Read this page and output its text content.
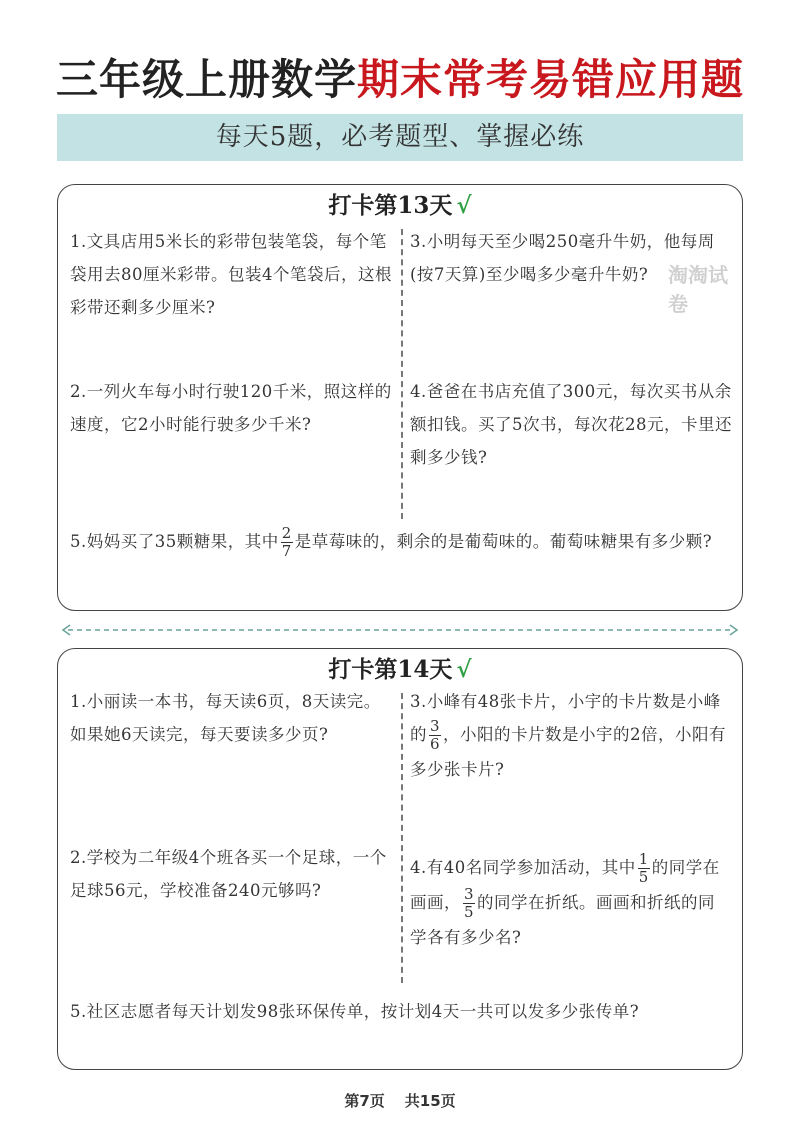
三年级上册数学期末常考易错应用题
每天5题，必考题型、掌握必练
打卡第13天 √
1.文具店用5米长的彩带包装笔袋，每个笔袋用去80厘米彩带。包装4个笔袋后，这根彩带还剩多少厘米?
3.小明每天至少喝250毫升牛奶，他每周(按7天算)至少喝多少毫升牛奶?
2.一列火车每小时行驶120千米，照这样的速度，它2小时能行驶多少千米?
4.爸爸在书店充值了300元，每次买书从余额扣钱。买了5次书，每次花28元，卡里还剩多少钱?
5.妈妈买了35颗糖果，其中 $\frac{2}{7}$ 是草莓味的，剩余的是葡萄味的。葡萄味糖果有多少颗?
淘淘试卷
打卡第14天 √
1.小丽读一本书，每天读6页，8天读完。如果她6天读完，每天要读多少页?
3.小峰有48张卡片，小宇的卡片数是小峰的 $\frac{3}{6}$ ，小阳的卡片数是小宇的2倍，小阳有多少张卡片?
2.学校为二年级4个班各买一个足球，一个足球56元，学校准备240元够吗?
4.有40名同学参加活动，其中 $\frac{1}{5}$ 的同学在画画， $\frac{3}{5}$ 的同学在折纸。画画和折纸的同学各有多少名?
5.社区志愿者每天计划发98张环保传单，按计划4天一共可以发多少张传单?
第7页 共15页
